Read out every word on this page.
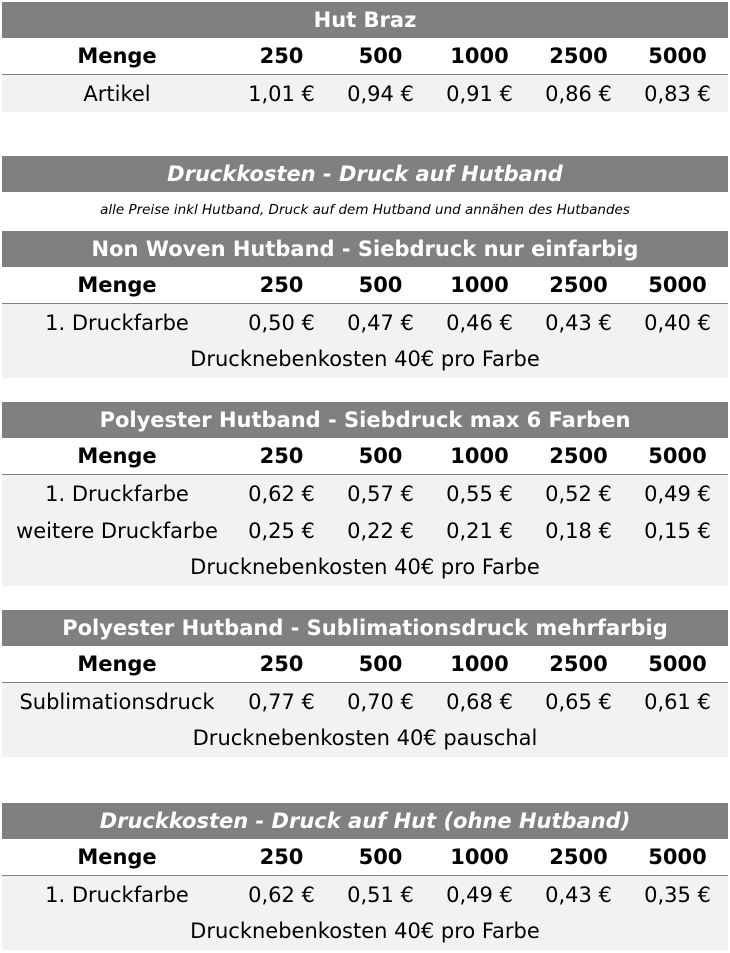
Hut Braz
Menge	250	500	1000	2500	5000
Artikel	1,01 €	0,94 €	0,91 €	0,86 €	0,83 €
Druckkosten - Druck auf Hutband
alle Preise inkl Hutband, Druck auf dem Hutband und annähen des Hutbandes
Non Woven Hutband - Siebdruck nur einfarbig
Menge	250	500	1000	2500	5000
1. Druckfarbe	0,50 €	0,47 €	0,46 €	0,43 €	0,40 €
Drucknebenkosten 40€ pro Farbe
Polyester Hutband - Siebdruck max 6 Farben
Menge	250	500	1000	2500	5000
1. Druckfarbe	0,62 €	0,57 €	0,55 €	0,52 €	0,49 €
weitere Druckfarbe	0,25 €	0,22 €	0,21 €	0,18 €	0,15 €
Drucknebenkosten 40€ pro Farbe
Polyester Hutband - Sublimationsdruck mehrfarbig
Menge	250	500	1000	2500	5000
Sublimationsdruck	0,77 €	0,70 €	0,68 €	0,65 €	0,61 €
Drucknebenkosten 40€ pauschal
Druckkosten - Druck auf Hut (ohne Hutband)
Menge	250	500	1000	2500	5000
1. Druckfarbe	0,62 €	0,51 €	0,49 €	0,43 €	0,35 €
Drucknebenkosten 40€ pro Farbe
